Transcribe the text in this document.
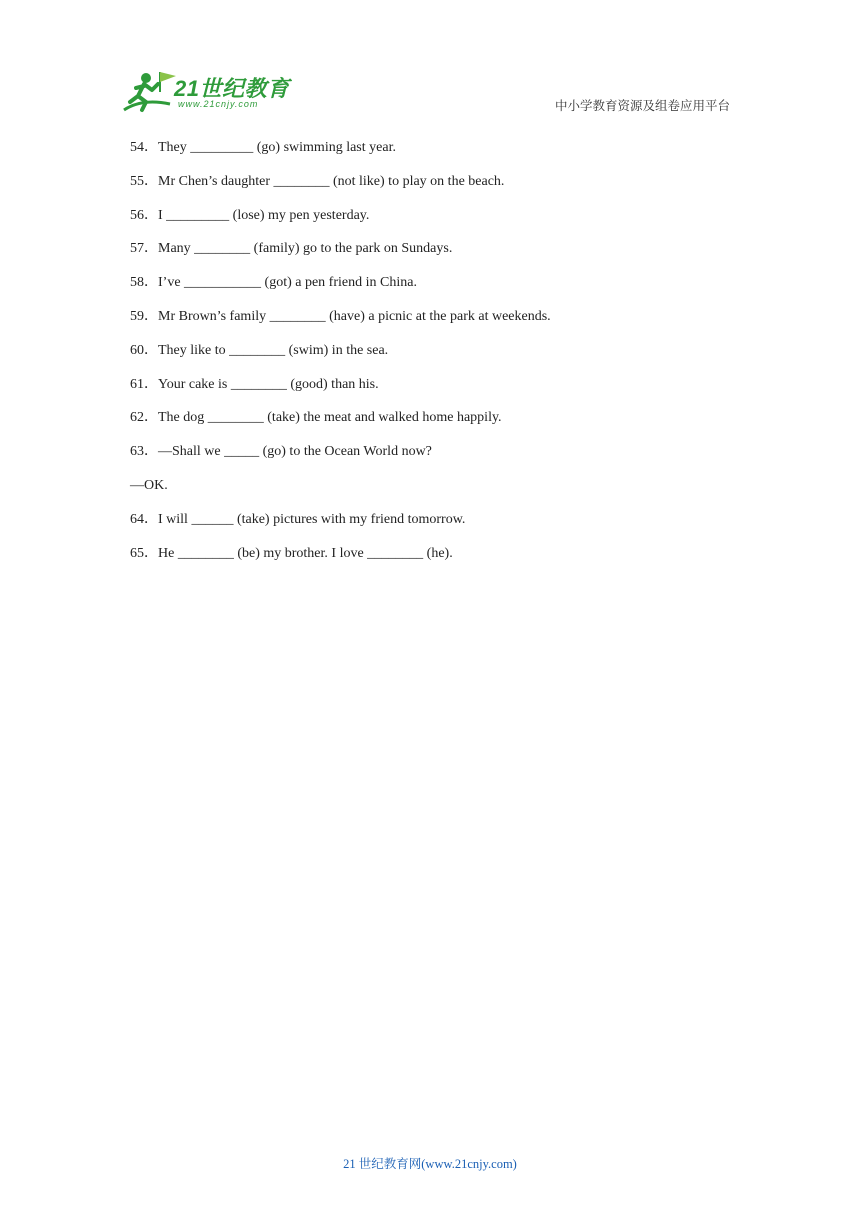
21世纪教育
www.21cnjy.com	中小学教育资源及组卷应用平台
54．They _________ (go) swimming last year.
55．Mr Chen’s daughter ________ (not like) to play on the beach.
56．I _________ (lose) my pen yesterday.
57．Many ________ (family) go to the park on Sundays.
58．I’ve ___________ (got) a pen friend in China.
59．Mr Brown’s family ________ (have) a picnic at the park at weekends.
60．They like to ________ (swim) in the sea.
61．Your cake is ________ (good) than his.
62．The dog ________ (take) the meat and walked home happily.
63．—Shall we _____ (go) to the Ocean World now?
—OK.
64．I will ______ (take) pictures with my friend tomorrow.
65．He ________ (be) my brother. I love ________ (he).
21 世纪教育网(www.21cnjy.com)
